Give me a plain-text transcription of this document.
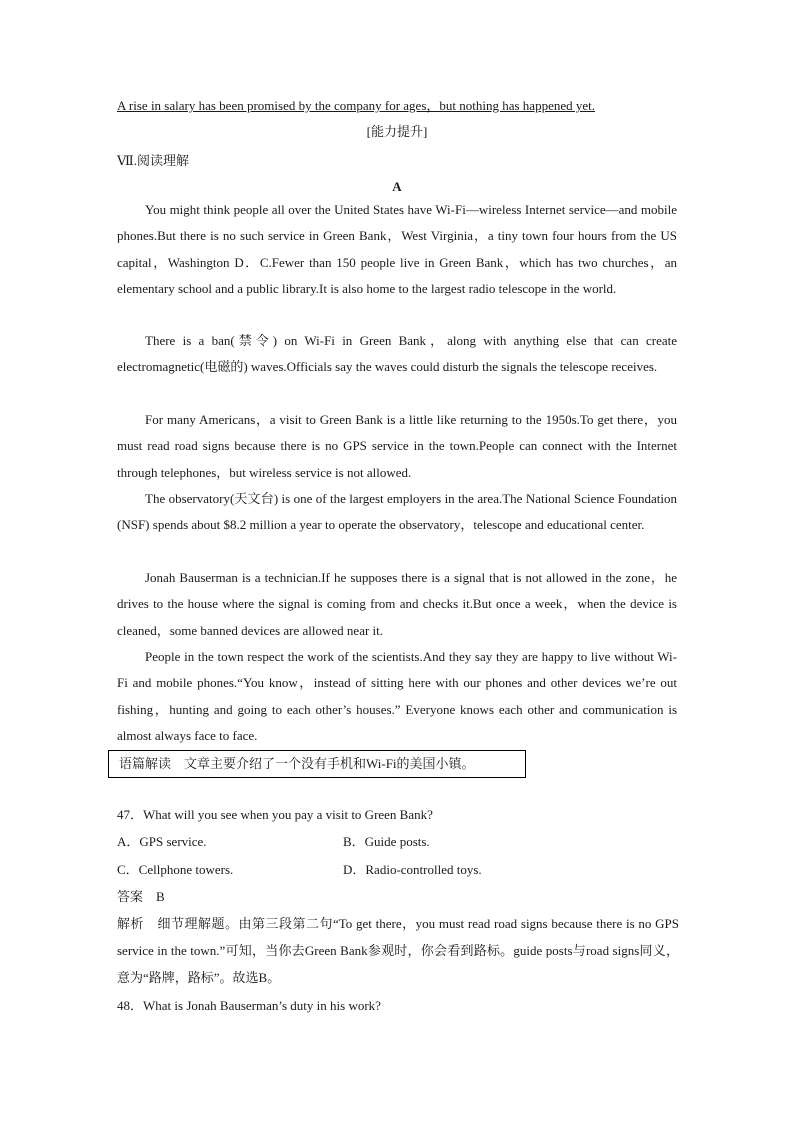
A rise in salary has been promised by the company for ages，but nothing has happened yet.
[能力提升]
Ⅶ.阅读理解
A

You might think people all over the United States have Wi-Fi—wireless Internet service—and mobile phones.But there is no such service in Green Bank，West Virginia，a tiny town four hours from the US capital，Washington D．C.Fewer than 150 people live in Green Bank，which has two churches，an elementary school and a public library.It is also home to the largest radio telescope in the world.

There is a ban(禁令) on Wi-Fi in Green Bank，along with anything else that can create electromagnetic(电磁的) waves.Officials say the waves could disturb the signals the telescope receives.

For many Americans，a visit to Green Bank is a little like returning to the 1950s.To get there，you must read road signs because there is no GPS service in the town.People can connect with the Internet through telephones，but wireless service is not allowed.

The observatory(天文台) is one of the largest employers in the area.The National Science Foundation (NSF) spends about $8.2 million a year to operate the observatory，telescope and educational center.

Jonah Bauserman is a technician.If he supposes there is a signal that is not allowed in the zone，he drives to the house where the signal is coming from and checks it.But once a week，when the device is cleaned，some banned devices are allowed near it.

People in the town respect the work of the scientists.And they say they are happy to live without Wi-Fi and mobile phones.“You know，instead of sitting here with our phones and other devices we’re out fishing，hunting and going to each other’s houses.” Everyone knows each other and communication is almost always face to face.

语篇解读　文章主要介绍了一个没有手机和Wi-Fi的美国小镇。
47．What will you see when you pay a visit to Green Bank?
A．GPS service.	B．Guide posts.
C．Cellphone towers.	D．Radio-controlled toys.
答案　B

解析　细节理解题。由第三段第二句“To get there，you must read road signs because there is no GPS service in the town.”可知，当你去Green Bank参观时，你会看到路标。guide posts与road signs同义，意为“路牌，路标”。故选B。

48．What is Jonah Bauserman’s duty in his work?
